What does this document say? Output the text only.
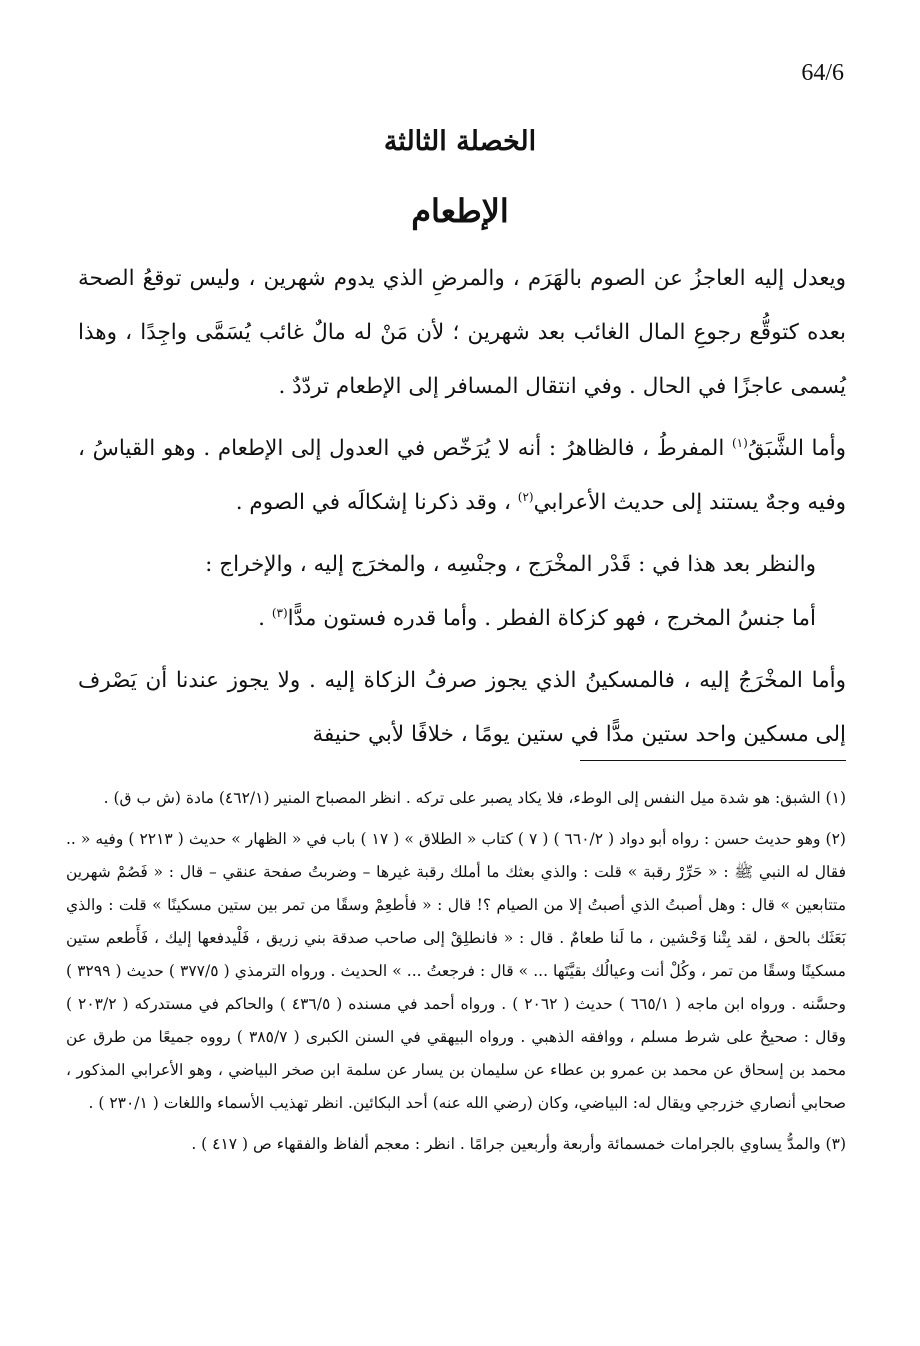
64/6
الخصلة الثالثة
الإطعام

ويعدل إليه العاجزُ عن الصوم بالهَرَم ، والمرضِ الذي يدوم شهرين ، وليس توقعُ الصحة بعده كتوقُّع رجوعِ المال الغائب بعد شهرين ؛ لأن مَنْ له مالٌ غائب يُسَمَّى واجِدًا ، وهذا يُسمى عاجزًا في الحال . وفي انتقال المسافر إلى الإطعام تردّدٌ .

وأما الشَّبَقُ$^{(١)}$ المفرطُ ، فالظاهرُ : أنه لا يُرَخّص في العدول إلى الإطعام . وهو القياسُ ، وفيه وجهٌ يستند إلى حديث الأعرابي$^{(٢)}$ ، وقد ذكرنا إشكالَه في الصوم .

والنظر بعد هذا في : قَدْر المخْرَج ، وجنْسِه ، والمخرَج إليه ، والإخراج :

أما جنسُ المخرج ، فهو كزكاة الفطر . وأما قدره فستون مدًّا$^{(٣)}$ .

وأما المخْرَجُ إليه ، فالمسكينُ الذي يجوز صرفُ الزكاة إليه . ولا يجوز عندنا أن يَصْرف إلى مسكين واحد ستين مدًّا في ستين يومًا ، خلافًا لأبي حنيفة

(١) الشبق: هو شدة ميل النفس إلى الوطء، فلا يكاد يصبر على تركه . انظر المصباح المنير (٤٦٢/١) مادة (ش ب ق) .

(٢) وهو حديث حسن : رواه أبو دواد ( ٦٦٠/٢ ) ( ٧ ) كتاب « الطلاق » ( ١٧ ) باب في « الظهار » حديث ( ٢٢١٣ ) وفيه « .. فقال له النبي ﷺ : « حَرِّرْ رقبة » قلت : والذي بعثك ما أملك رقبة غيرها – وضربتُ صفحة عنقي – قال : « فَصُمْ شهرين متتابعين » قال : وهل أصبتُ الذي أصبتُ إلا من الصيام ؟! قال : « فأطعِمْ وسقًا من تمر بين ستين مسكينًا » قلت : والذي بَعَثَك بالحق ، لقد بِتْنا وَحْشين ، ما لَنا طعامٌ . قال : « فانطلِقْ إلى صاحب صدقة بني زريق ، فَلْيدفعها إليك ، فَأَطعم ستين مسكينًا وسقًا من تمر ، وكُلْ أنت وعيالُك بقيَّتَها ... » قال : فرجعتُ ... » الحديث . ورواه الترمذي ( ٣٧٧/٥ ) حديث ( ٣٢٩٩ ) وحسَّنه . ورواه ابن ماجه ( ٦٦٥/١ ) حديث ( ٢٠٦٢ ) . ورواه أحمد في مسنده ( ٤٣٦/٥ ) والحاكم في مستدركه ( ٢٠٣/٢ ) وقال : صحيحٌ على شرط مسلم ، ووافقه الذهبي . ورواه البيهقي في السنن الكبرى ( ٣٨٥/٧ ) رووه جميعًا من طرق عن محمد بن إسحاق عن محمد بن عمرو بن عطاء عن سليمان بن يسار عن سلمة ابن صخر البياضي ، وهو الأعرابي المذكور ، صحابي أنصاري خزرجي ويقال له: البياضي، وكان (رضي الله عنه) أحد البكائين. انظر تهذيب الأسماء واللغات ( ٢٣٠/١ ) .

(٣) والمدُّ يساوي بالجرامات خمسمائة وأربعة وأربعين جرامًا . انظر : معجم ألفاظ والفقهاء ص ( ٤١٧ ) .
